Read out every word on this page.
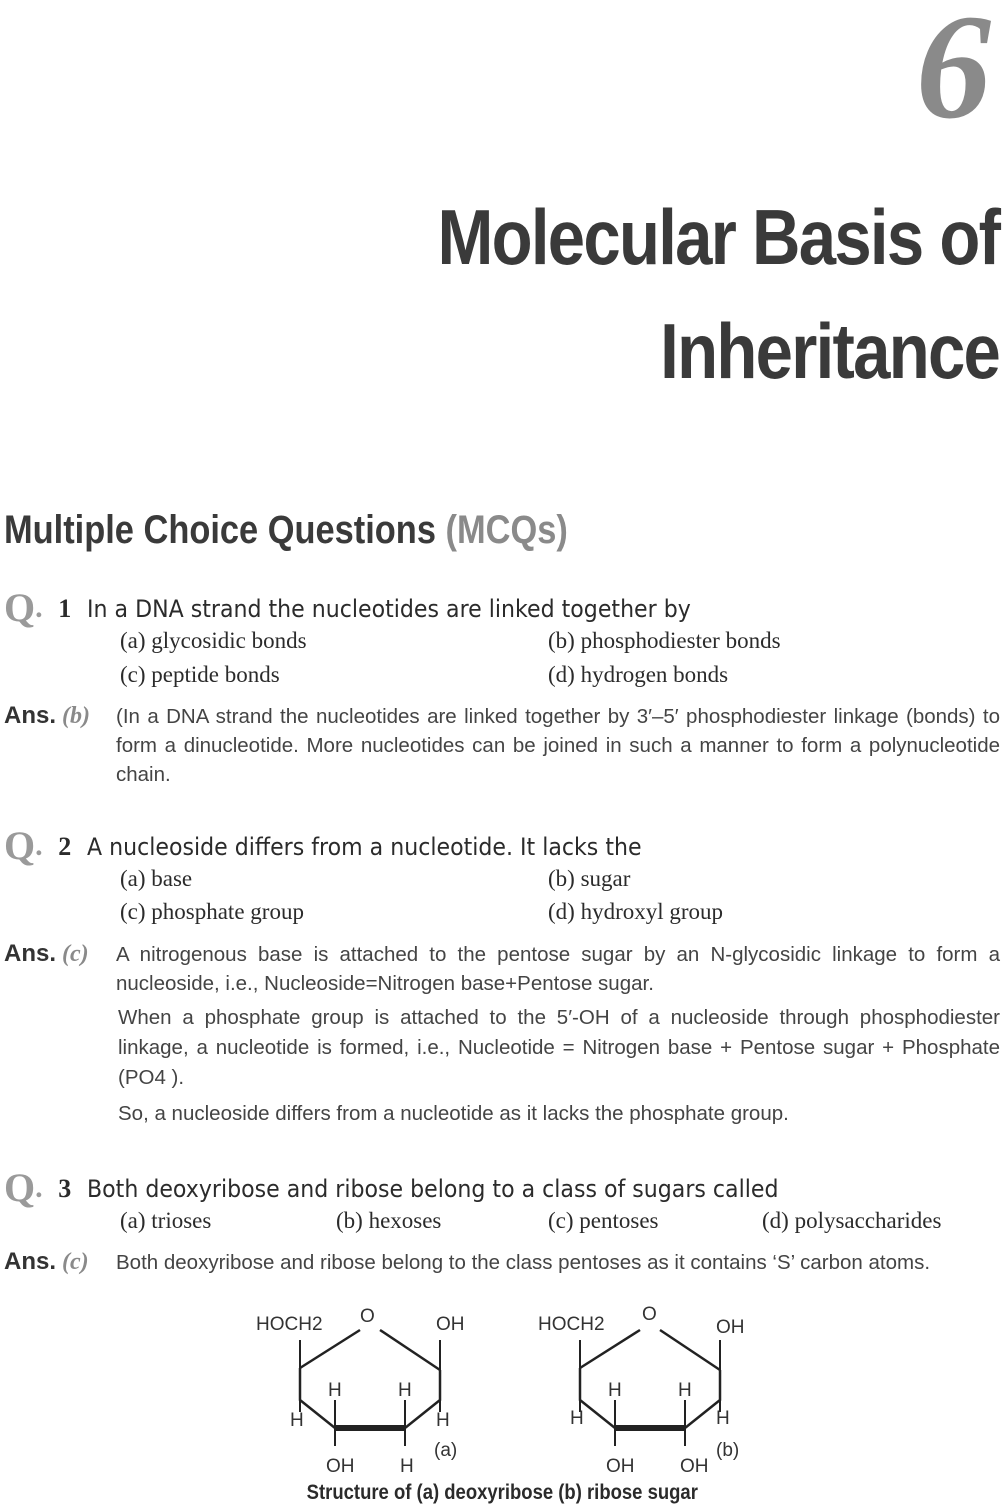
6
Molecular Basis of
Inheritance
Multiple Choice Questions (MCQs)
Q. 1 In a DNA strand the nucleotides are linked together by
(a) glycosidic bonds	(b) phosphodiester bonds
(c) peptide bonds	(d) hydrogen bonds
Ans. (b) (In a DNA strand the nucleotides are linked together by 3′–5′ phosphodiester linkage (bonds) to form a dinucleotide. More nucleotides can be joined in such a manner to form a polynucleotide chain.
Q. 2 A nucleoside differs from a nucleotide. It lacks the
(a) base	(b) sugar
(c) phosphate group	(d) hydroxyl group
Ans. (c) A nitrogenous base is attached to the pentose sugar by an N-glycosidic linkage to form a nucleoside, i.e., Nucleoside=Nitrogen base+Pentose sugar.
When a phosphate group is attached to the 5′-OH of a nucleoside through phosphodiester linkage, a nucleotide is formed, i.e., Nucleotide = Nitrogen base + Pentose sugar + Phosphate (PO4 ).
So, a nucleoside differs from a nucleotide as it lacks the phosphate group.
Q. 3 Both deoxyribose and ribose belong to a class of sugars called
(a) trioses	(b) hexoses	(c) pentoses	(d) polysaccharides
Ans. (c) Both deoxyribose and ribose belong to the class pentoses as it contains ‘S’ carbon atoms.
HOCH2 O	OH
H	H
H	H
OH H
(a)
HOCH2 O
OH
H	H
H	H
OH OH
(b)
Structure of (a) deoxyribose (b) ribose sugar
